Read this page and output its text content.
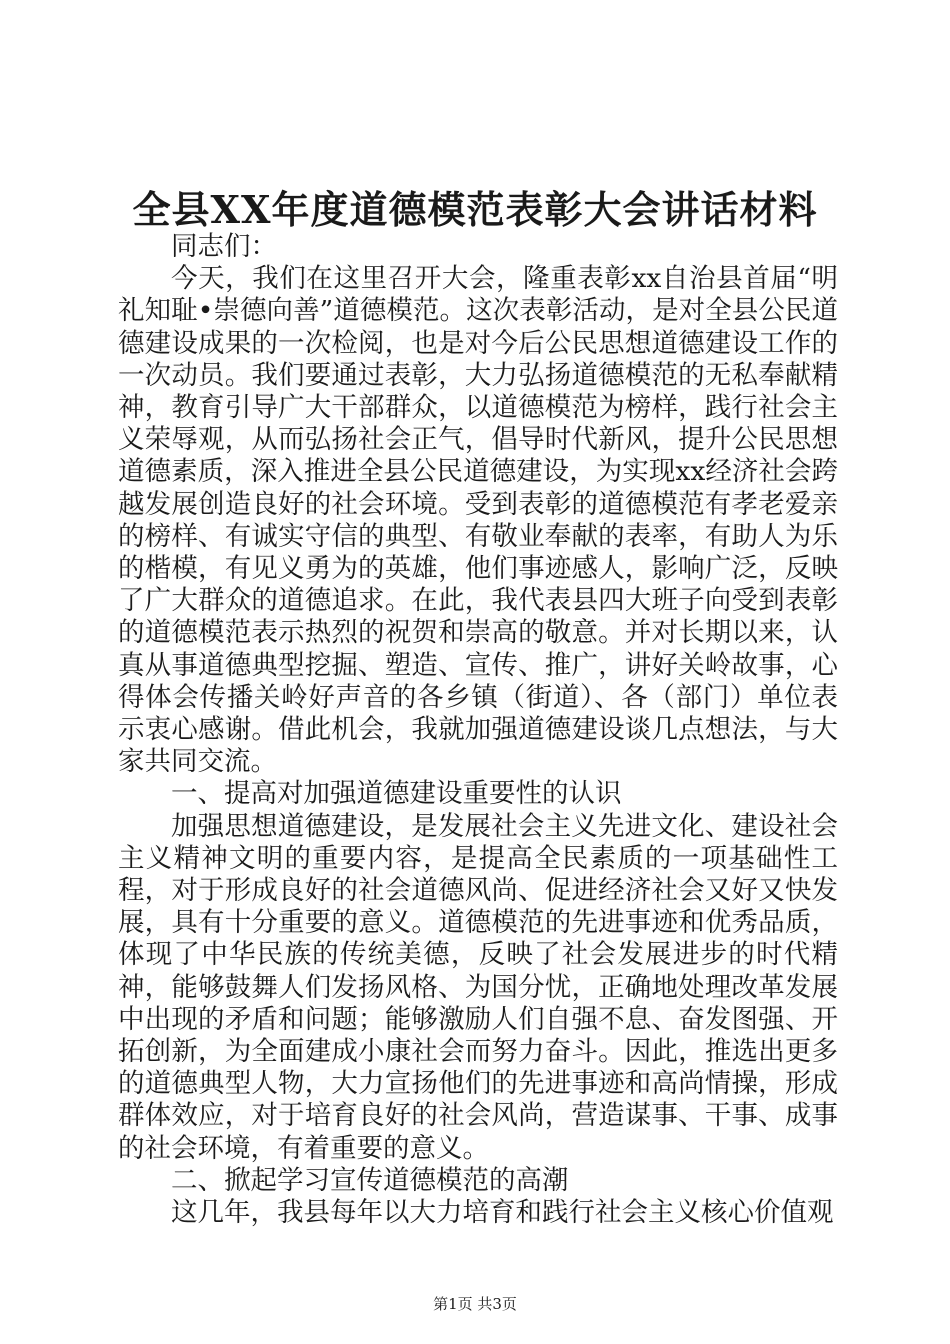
全县XX年度道德模范表彰大会讲话材料

同志们：

今天，我们在这里召开大会，隆重表彰xx自治县首届“明礼知耻•崇德向善”道德模范。这次表彰活动，是对全县公民道德建设成果的一次检阅，也是对今后公民思想道德建设工作的一次动员。我们要通过表彰，大力弘扬道德模范的无私奉献精神，教育引导广大干部群众，以道德模范为榜样，践行社会主义荣辱观，从而弘扬社会正气，倡导时代新风，提升公民思想道德素质，深入推进全县公民道德建设，为实现xx经济社会跨越发展创造良好的社会环境。受到表彰的道德模范有孝老爱亲的榜样、有诚实守信的典型、有敬业奉献的表率，有助人为乐的楷模，有见义勇为的英雄，他们事迹感人，影响广泛，反映了广大群众的道德追求。在此，我代表县四大班子向受到表彰的道德模范表示热烈的祝贺和崇高的敬意。并对长期以来，认真从事道德典型挖掘、塑造、宣传、推广，讲好关岭故事，心得体会传播关岭好声音的各乡镇（街道）、各（部门）单位表示衷心感谢。借此机会，我就加强道德建设谈几点想法，与大家共同交流。

一、提高对加强道德建设重要性的认识

加强思想道德建设，是发展社会主义先进文化、建设社会主义精神文明的重要内容，是提高全民素质的一项基础性工程，对于形成良好的社会道德风尚、促进经济社会又好又快发展，具有十分重要的意义。道德模范的先进事迹和优秀品质，体现了中华民族的传统美德，反映了社会发展进步的时代精神，能够鼓舞人们发扬风格、为国分忧，正确地处理改革发展中出现的矛盾和问题；能够激励人们自强不息、奋发图强、开拓创新，为全面建成小康社会而努力奋斗。因此，推选出更多的道德典型人物，大力宣扬他们的先进事迹和高尚情操，形成群体效应，对于培育良好的社会风尚，营造谋事、干事、成事的社会环境，有着重要的意义。

二、掀起学习宣传道德模范的高潮

这几年，我县每年以大力培育和践行社会主义核心价值观

第1页 共3页
